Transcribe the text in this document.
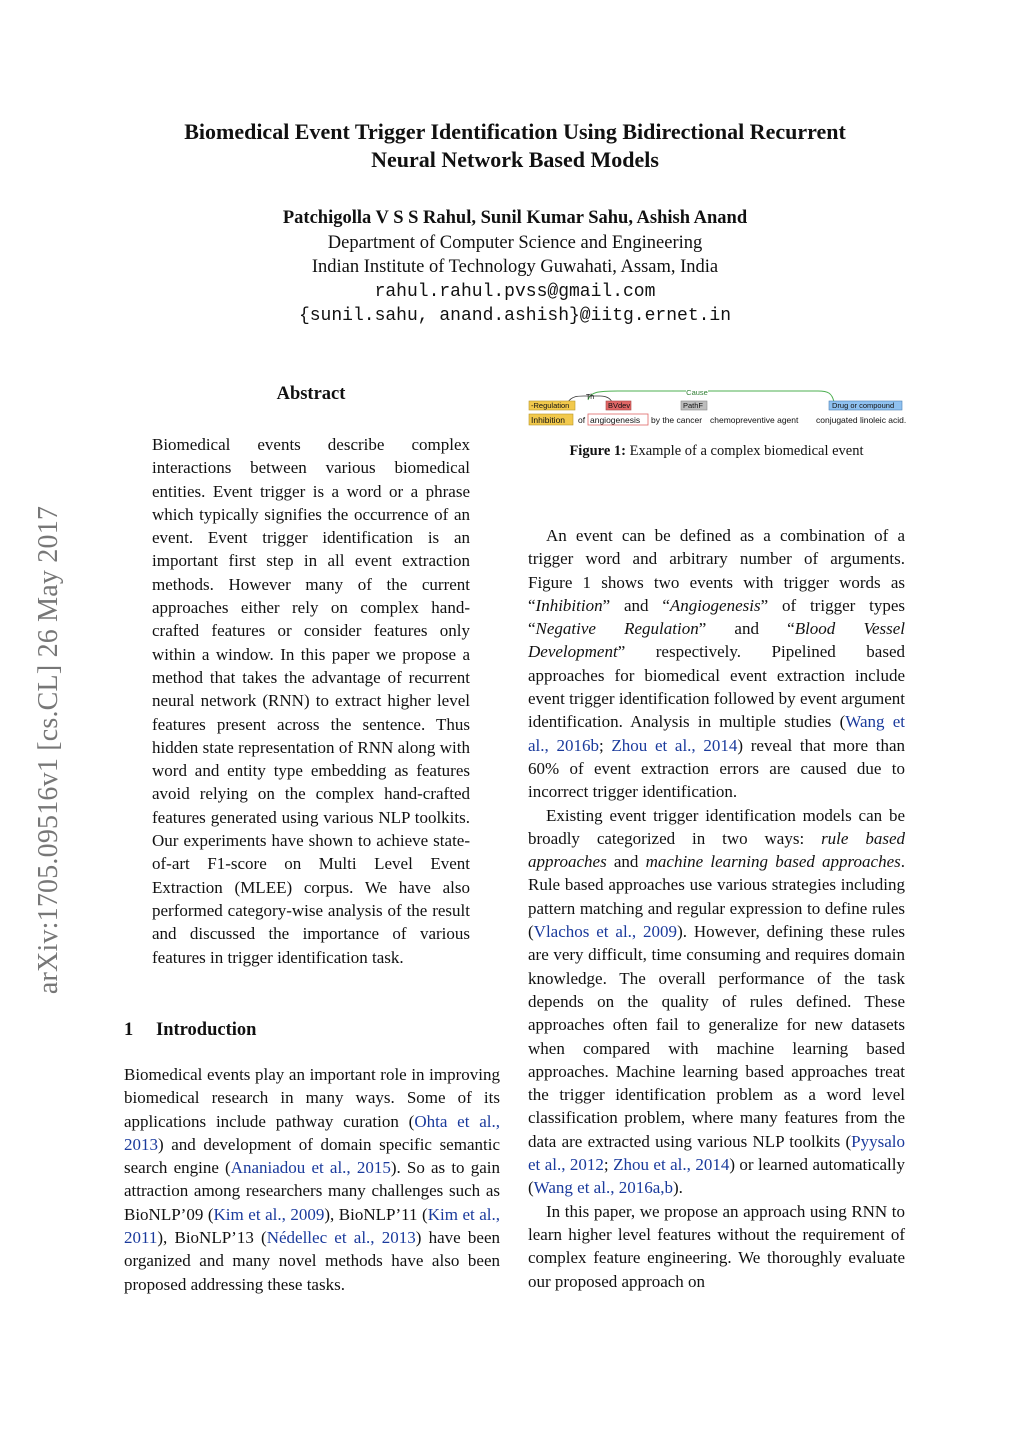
Biomedical Event Trigger Identification Using Bidirectional Recurrent
Neural Network Based Models
Patchigolla V S S Rahul, Sunil Kumar Sahu, Ashish Anand
Department of Computer Science and Engineering
Indian Institute of Technology Guwahati, Assam, India
rahul.rahul.pvss@gmail.com
{sunil.sahu, anand.ashish}@iitg.ernet.in
arXiv:1705.09516v1 [cs.CL] 26 May 2017
Abstract
Biomedical events describe complex interactions between various biomedical entities. Event trigger is a word or a phrase which typically signifies the occurrence of an event. Event trigger identification is an important first step in all event extraction methods. However many of the current approaches either rely on complex hand-crafted features or consider features only within a window. In this paper we propose a method that takes the advantage of recurrent neural network (RNN) to extract higher level features present across the sentence. Thus hidden state representation of RNN along with word and entity type embedding as features avoid relying on the complex hand-crafted features generated using various NLP toolkits. Our experiments have shown to achieve state-of-art F1-score on Multi Level Event Extraction (MLEE) corpus. We have also performed category-wise analysis of the result and discussed the importance of various features in trigger identification task.
Cause
Th
-Regulation	BVdev	PathF	Drug or compound
Inhibition of angiogenesis by the cancer chemopreventive agent conjugated linoleic acid.
Figure 1: Example of a complex biomedical event
1 Introduction

Biomedical events play an important role in improving biomedical research in many ways. Some of its applications include pathway curation (Ohta et al., 2013) and development of domain specific semantic search engine (Ananiadou et al., 2015). So as to gain attraction among researchers many challenges such as BioNLP’09 (Kim et al., 2009), BioNLP’11 (Kim et al., 2011), BioNLP’13 (Nédellec et al., 2013) have been organized and many novel methods have also been proposed addressing these tasks.

An event can be defined as a combination of a trigger word and arbitrary number of arguments. Figure 1 shows two events with trigger words as “Inhibition” and “Angiogenesis” of trigger types “Negative Regulation” and “Blood Vessel Development” respectively. Pipelined based approaches for biomedical event extraction include event trigger identification followed by event argument identification. Analysis in multiple studies (Wang et al., 2016b; Zhou et al., 2014) reveal that more than 60% of event extraction errors are caused due to incorrect trigger identification.

Existing event trigger identification models can be broadly categorized in two ways: rule based approaches and machine learning based approaches. Rule based approaches use various strategies including pattern matching and regular expression to define rules (Vlachos et al., 2009). However, defining these rules are very difficult, time consuming and requires domain knowledge. The overall performance of the task depends on the quality of rules defined. These approaches often fail to generalize for new datasets when compared with machine learning based approaches. Machine learning based approaches treat the trigger identification problem as a word level classification problem, where many features from the data are extracted using various NLP toolkits (Pyysalo et al., 2012; Zhou et al., 2014) or learned automatically (Wang et al., 2016a,b).

In this paper, we propose an approach using RNN to learn higher level features without the requirement of complex feature engineering. We thoroughly evaluate our proposed approach on
